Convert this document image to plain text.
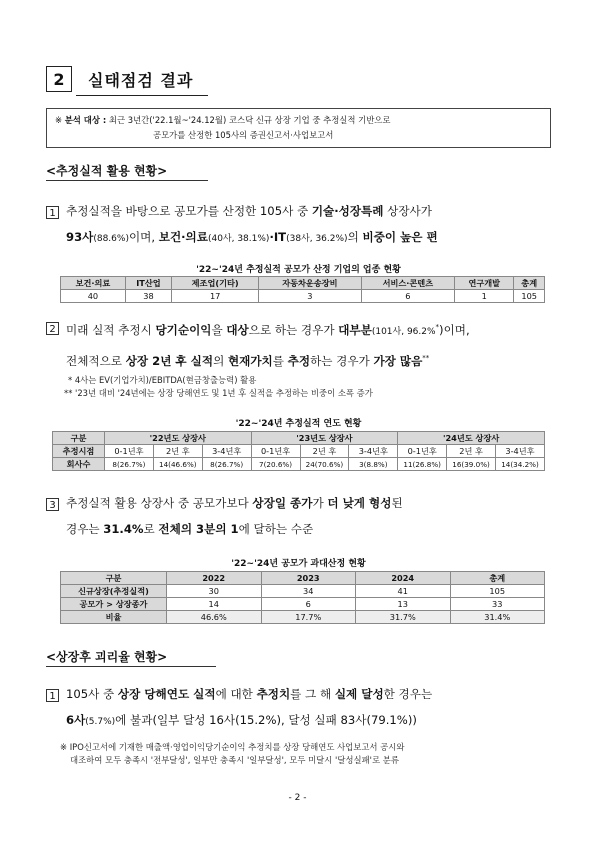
2	실태점검 결과
※ 분석 대상 : 최근 3년간('22.1월~'24.12월) 코스닥 신규 상장 기업 중 추정실적 기반으로
공모가를 산정한 105사의 증권신고서·사업보고서
<추정실적 활용 현황>
1 추정실적을 바탕으로 공모가를 산정한 105사 중 기술·성장특례 상장사가
93사(88.6%)이며, 보건·의료(40사, 38.1%)·IT(38사, 36.2%)의 비중이 높은 편
'22~'24년 추정실적 공모가 산정 기업의 업종 현황
보건·의료	IT산업	제조업(기타)	자동차운송장비	서비스·콘텐츠	연구개발	총계
40	38	17	3	6	1	105
2 미래 실적 추정시 당기순이익을 대상으로 하는 경우가 대부분(101사, 96.2%*)이며,
전체적으로 상장 2년 후 실적의 현재가치를 추정하는 경우가 가장 많음**
* 4사는 EV(기업가치)/EBITDA(현금창출능력) 활용
** '23년 대비 '24년에는 상장 당해연도 및 1년 후 실적을 추정하는 비중이 소폭 증가
'22~'24년 추정실적 연도 현황
구분	'22년도 상장사			'23년도 상장사			'24년도 상장사		
추정시점	0-1년후	2년 후	3-4년후	0-1년후	2년 후	3-4년후	0-1년후	2년 후	3-4년후
회사수	8(26.7%)	14(46.6%)	8(26.7%)	7(20.6%)	24(70.6%)	3(8.8%)	11(26.8%)	16(39.0%)	14(34.2%)
3 추정실적 활용 상장사 중 공모가보다 상장일 종가가 더 낮게 형성된
경우는 31.4%로 전체의 3분의 1에 달하는 수준
'22~'24년 공모가 과대산정 현황
구분	2022	2023	2024	총계
신규상장(추정실적)	30	34	41	105
공모가 > 상장종가	14	6	13	33
비율	46.6%	17.7%	31.7%	31.4%
<상장후 괴리율 현황>
1 105사 중 상장 당해연도 실적에 대한 추정치를 그 해 실제 달성한 경우는
6사(5.7%)에 불과(일부 달성 16사(15.2%), 달성 실패 83사(79.1%))
※ IPO신고서에 기재한 매출액·영업이익당기순이익 추정치를 상장 당해연도 사업보고서 공시와
대조하여 모두 충족시 '전부달성', 일부만 충족시 '일부달성', 모두 미달시 '달성실패'로 분류
- 2 -
